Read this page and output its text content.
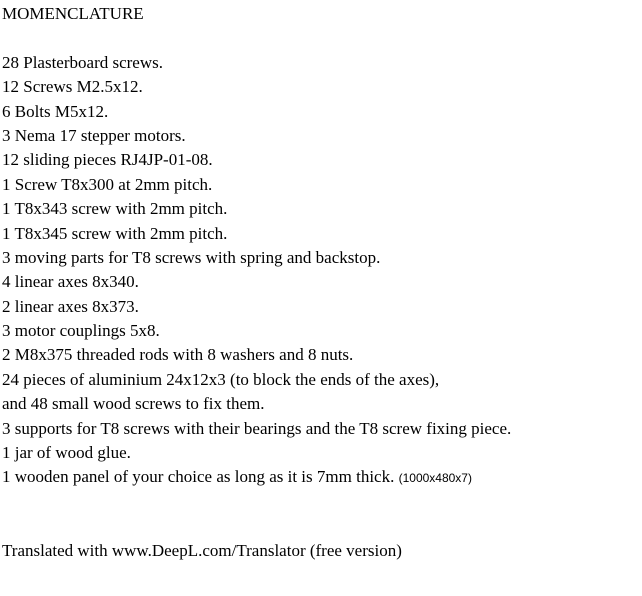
MOMENCLATURE
28 Plasterboard screws.
12 Screws M2.5x12.
6 Bolts M5x12.
3 Nema 17 stepper motors.
12 sliding pieces RJ4JP-01-08.
1 Screw T8x300 at 2mm pitch.
1 T8x343 screw with 2mm pitch.
1 T8x345 screw with 2mm pitch.
3 moving parts for T8 screws with spring and backstop.
4 linear axes 8x340.
2 linear axes 8x373.
3 motor couplings 5x8.
2 M8x375 threaded rods with 8 washers and 8 nuts.
24 pieces of aluminium 24x12x3 (to block the ends of the axes),
and 48 small wood screws to fix them.
3 supports for T8 screws with their bearings and the T8 screw fixing piece.
1 jar of wood glue.
1 wooden panel of your choice as long as it is 7mm thick. (1000x480x7)
Translated with www.DeepL.com/Translator (free version)
